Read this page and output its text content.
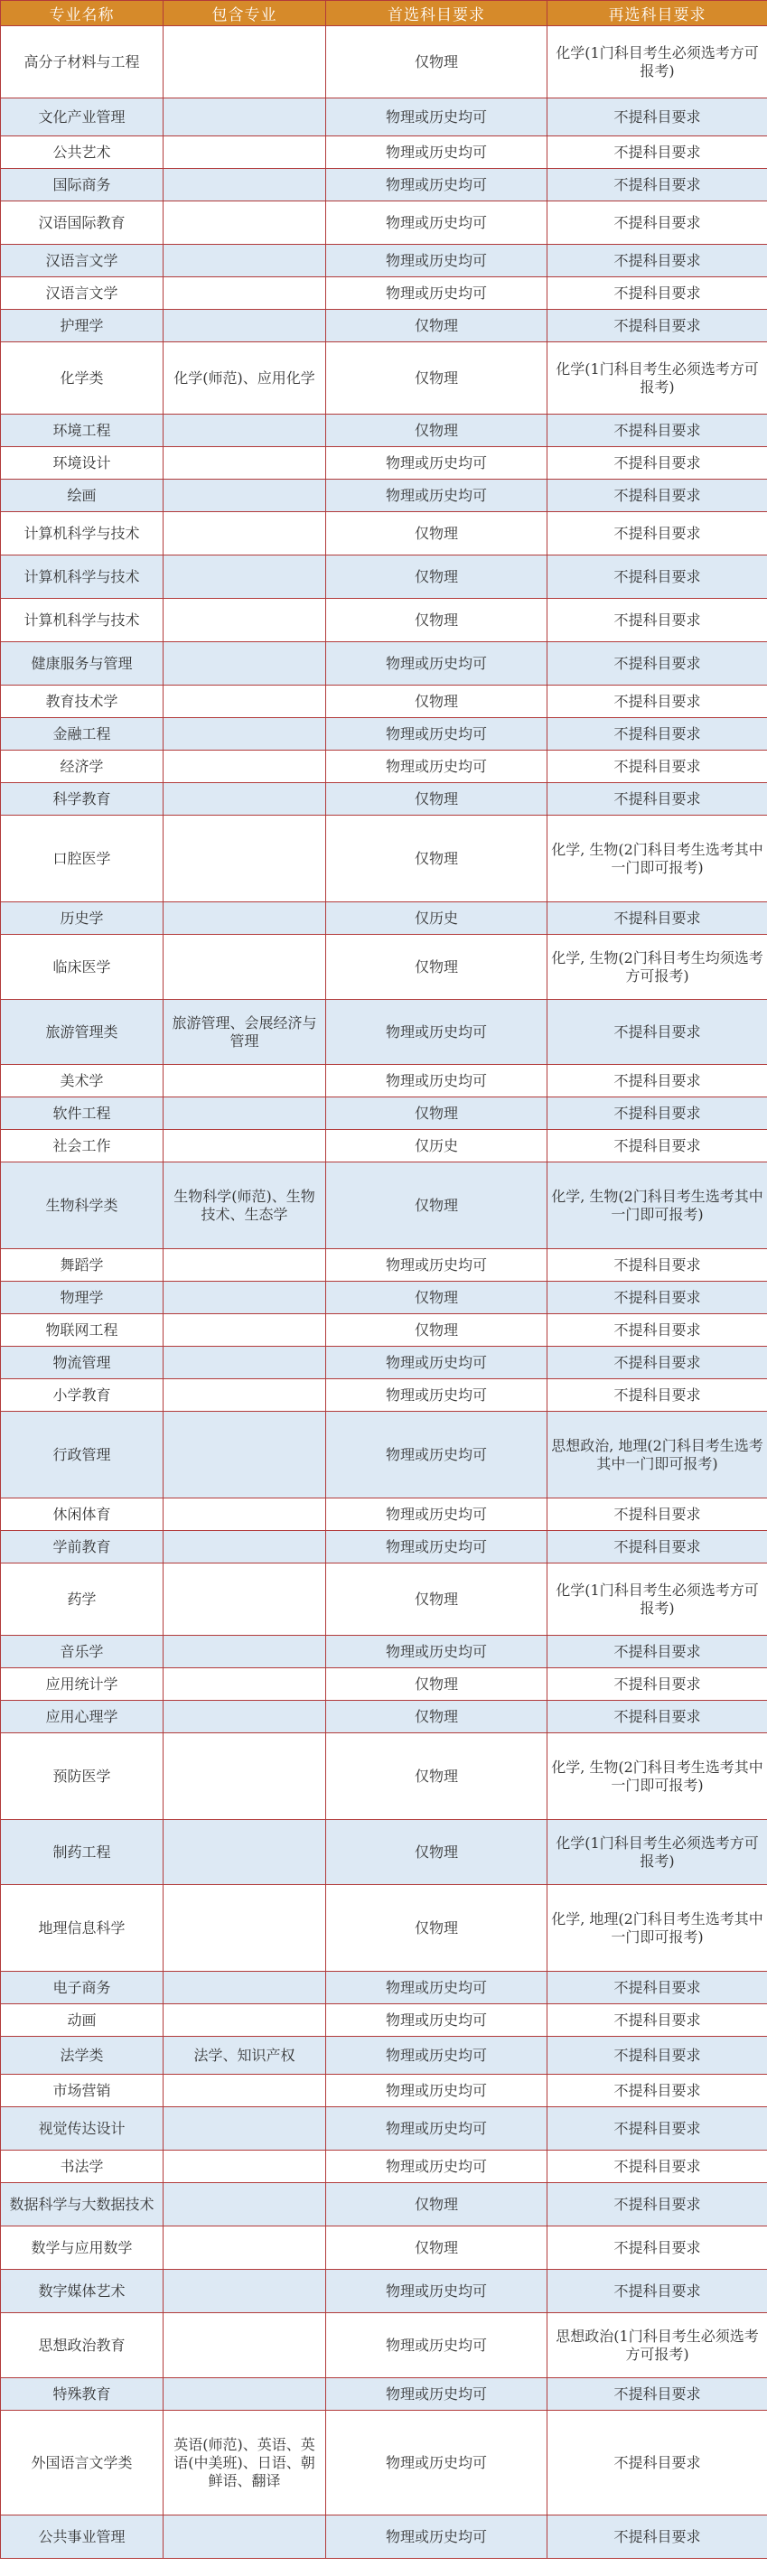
专业名称	包含专业	首选科目要求	再选科目要求
高分子材料与工程		仅物理	化学(1门科目考生必须选考方可报考)
文化产业管理		物理或历史均可	不提科目要求
公共艺术		物理或历史均可	不提科目要求
国际商务		物理或历史均可	不提科目要求
汉语国际教育		物理或历史均可	不提科目要求
汉语言文学		物理或历史均可	不提科目要求
汉语言文学		物理或历史均可	不提科目要求
护理学		仅物理	不提科目要求
化学类	化学(师范)、应用化学	仅物理	化学(1门科目考生必须选考方可报考)
环境工程		仅物理	不提科目要求
环境设计		物理或历史均可	不提科目要求
绘画		物理或历史均可	不提科目要求
计算机科学与技术		仅物理	不提科目要求
计算机科学与技术		仅物理	不提科目要求
计算机科学与技术		仅物理	不提科目要求
健康服务与管理		物理或历史均可	不提科目要求
教育技术学		仅物理	不提科目要求
金融工程		物理或历史均可	不提科目要求
经济学		物理或历史均可	不提科目要求
科学教育		仅物理	不提科目要求
口腔医学		仅物理	化学, 生物(2门科目考生选考其中一门即可报考)
历史学		仅历史	不提科目要求
临床医学		仅物理	化学, 生物(2门科目考生均须选考方可报考)
旅游管理类	旅游管理、会展经济与管理	物理或历史均可	不提科目要求
美术学		物理或历史均可	不提科目要求
软件工程		仅物理	不提科目要求
社会工作		仅历史	不提科目要求
生物科学类	生物科学(师范)、生物技术、生态学	仅物理	化学, 生物(2门科目考生选考其中一门即可报考)
舞蹈学		物理或历史均可	不提科目要求
物理学		仅物理	不提科目要求
物联网工程		仅物理	不提科目要求
物流管理		物理或历史均可	不提科目要求
小学教育		物理或历史均可	不提科目要求
行政管理		物理或历史均可	思想政治, 地理(2门科目考生选考其中一门即可报考)
休闲体育		物理或历史均可	不提科目要求
学前教育		物理或历史均可	不提科目要求
药学		仅物理	化学(1门科目考生必须选考方可报考)
音乐学		物理或历史均可	不提科目要求
应用统计学		仅物理	不提科目要求
应用心理学		仅物理	不提科目要求
预防医学		仅物理	化学, 生物(2门科目考生选考其中一门即可报考)
制药工程		仅物理	化学(1门科目考生必须选考方可报考)
地理信息科学		仅物理	化学, 地理(2门科目考生选考其中一门即可报考)
电子商务		物理或历史均可	不提科目要求
动画		物理或历史均可	不提科目要求
法学类	法学、知识产权	物理或历史均可	不提科目要求
市场营销		物理或历史均可	不提科目要求
视觉传达设计		物理或历史均可	不提科目要求
书法学		物理或历史均可	不提科目要求
数据科学与大数据技术		仅物理	不提科目要求
数学与应用数学		仅物理	不提科目要求
数字媒体艺术		物理或历史均可	不提科目要求
思想政治教育		物理或历史均可	思想政治(1门科目考生必须选考方可报考)
特殊教育		物理或历史均可	不提科目要求
外国语言文学类	英语(师范)、英语、英语(中美班)、日语、朝鲜语、翻译	物理或历史均可	不提科目要求
公共事业管理		物理或历史均可	不提科目要求
